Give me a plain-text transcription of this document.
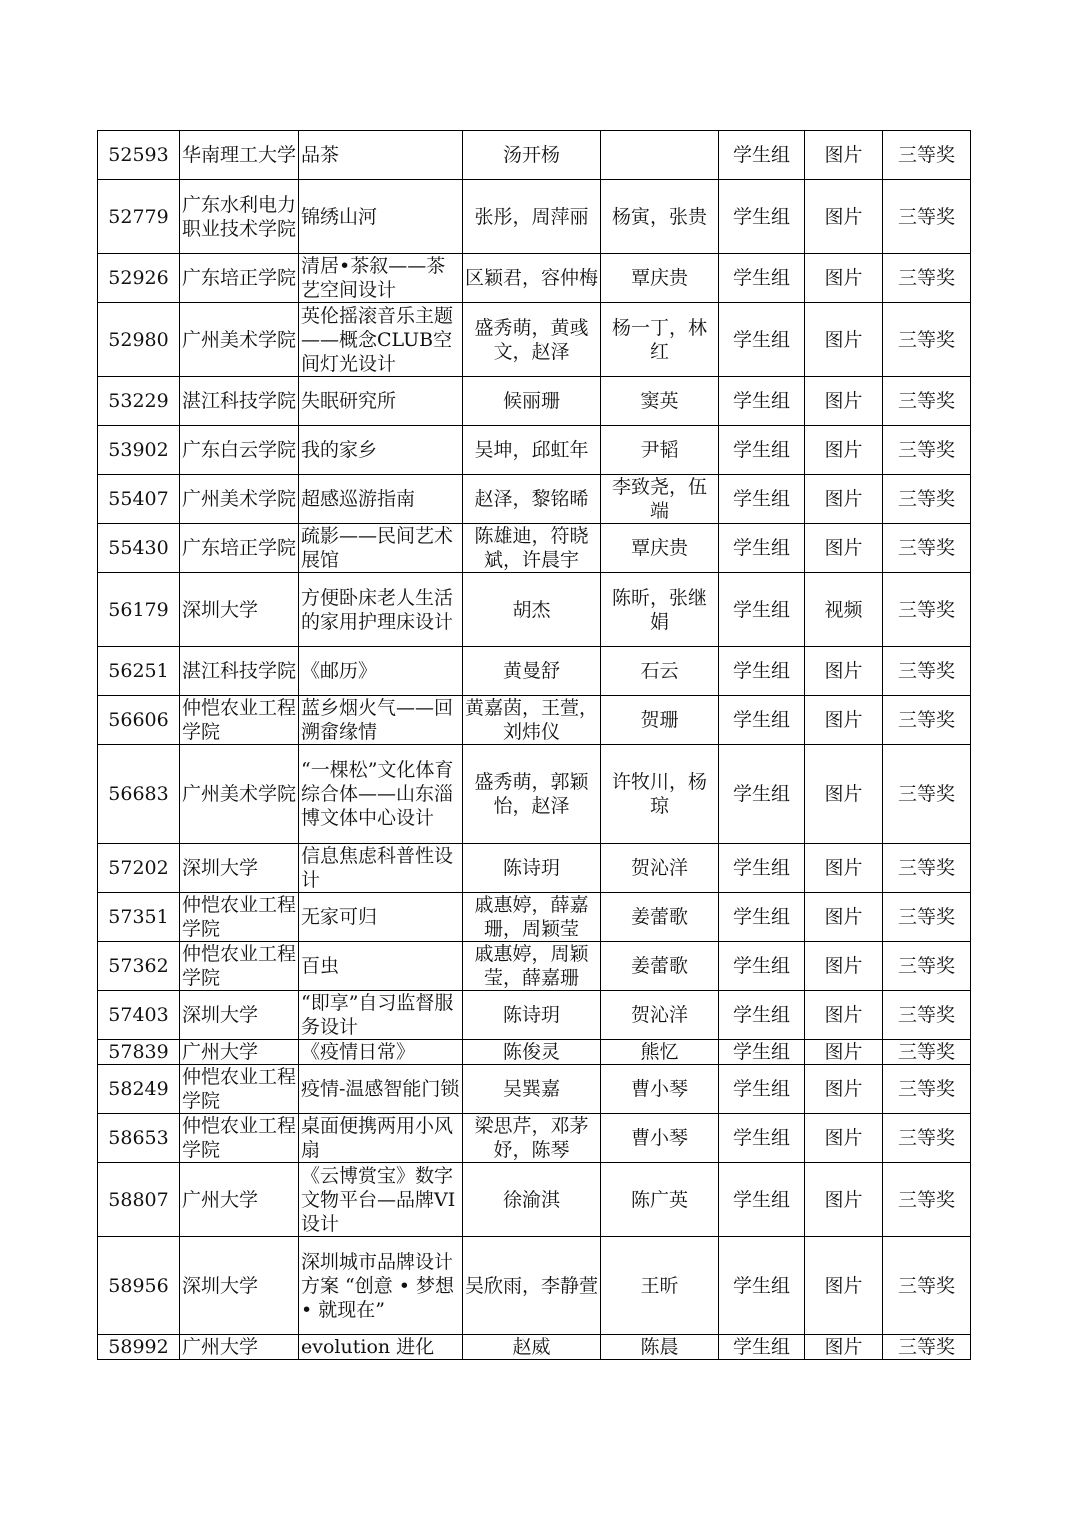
52593	华南理工大学	品茶	汤开杨		学生组	图片	三等奖
52779	广东水利电力职业技术学院	锦绣山河	张彤，周萍丽	杨寅，张贵	学生组	图片	三等奖
52926	广东培正学院	清居•茶叙——茶艺空间设计	区颖君，容仲梅	覃庆贵	学生组	图片	三等奖
52980	广州美术学院	英伦摇滚音乐主题——概念CLUB空间灯光设计	盛秀萌，黄彧文，赵泽	杨一丁，林红	学生组	图片	三等奖
53229	湛江科技学院	失眠研究所	候丽珊	窦英	学生组	图片	三等奖
53902	广东白云学院	我的家乡	吴坤，邱虹年	尹韬	学生组	图片	三等奖
55407	广州美术学院	超感巡游指南	赵泽，黎铭晞	李致尧，伍端	学生组	图片	三等奖
55430	广东培正学院	疏影——民间艺术展馆	陈雄迪，符晓斌，许晨宇	覃庆贵	学生组	图片	三等奖
56179	深圳大学	方便卧床老人生活的家用护理床设计	胡杰	陈昕，张继娟	学生组	视频	三等奖
56251	湛江科技学院	《邮历》	黄曼舒	石云	学生组	图片	三等奖
56606	仲恺农业工程学院	蓝乡烟火气——回溯畲缘情	黄嘉茵，王萱，刘炜仪	贺珊	学生组	图片	三等奖
56683	广州美术学院	“一棵松”文化体育综合体——山东淄博文体中心设计	盛秀萌，郭颖怡，赵泽	许牧川，杨琼	学生组	图片	三等奖
57202	深圳大学	信息焦虑科普性设计	陈诗玥	贺沁洋	学生组	图片	三等奖
57351	仲恺农业工程学院	无家可归	戚惠婷，薛嘉珊，周颖莹	姜蕾歌	学生组	图片	三等奖
57362	仲恺农业工程学院	百虫	戚惠婷，周颖莹，薛嘉珊	姜蕾歌	学生组	图片	三等奖
57403	深圳大学	“即享”自习监督服务设计	陈诗玥	贺沁洋	学生组	图片	三等奖
57839	广州大学	《疫情日常》	陈俊灵	熊忆	学生组	图片	三等奖
58249	仲恺农业工程学院	疫情-温感智能门锁	吴巽嘉	曹小琴	学生组	图片	三等奖
58653	仲恺农业工程学院	桌面便携两用小风扇	梁思芹，邓茅妤，陈琴	曹小琴	学生组	图片	三等奖
58807	广州大学	《云博赏宝》数字文物平台—品牌VI设计	徐渝淇	陈广英	学生组	图片	三等奖
58956	深圳大学	深圳城市品牌设计方案 “创意 • 梦想 • 就现在”	吴欣雨，李静萱	王昕	学生组	图片	三等奖
58992	广州大学	evolution 进化	赵威	陈晨	学生组	图片	三等奖
